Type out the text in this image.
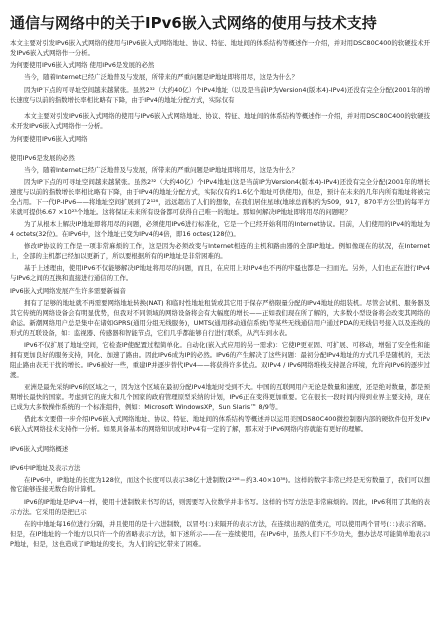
通信与网络中的关于IPv6嵌入式网络的使用与技术支持

本文主要对引发IPv6嵌入式网络的使用与IPv6嵌入式网络地址、协议、特征、地址间的体系结构等概述作一介绍，并对用DSC80C400的软硬技术开发IPv6嵌入式网络作一分析。

为何要使用IPv6嵌入式网络 使用IPv6是发展的必然

当今，随着Internet已经广泛地普及与发展，所带来的严重问题是IP地址即将用尽，这是为什么？

因为IP下点的可寻址空间越来越紧张。虽然2³²（大约40亿）个IPv4地址（以及是当前IP为Version4(版本4)-IPv4)还没有完全分配(2001年的增长速度与以前的指数增长率相比略有下降，由于IPv4的地址分配方式，实际仅有

本文主要对引发IPv6嵌入式网络的使用与IPv6嵌入式网络地址、协议、特征、地址间的体系结构等概述作一介绍，并对用DSC80C400的软硬技术开发IPv6嵌入式网络作一分析。

为何要使用IPv6嵌入式网络
使用IPv6是发展的必然

当今，随着Internet已经广泛地普及与发展，所带来的严重问题是IP地址即将用尽，这是为什么？

因为IP下点的可寻址空间越来越紧张。虽然2³²（大约40亿）个IPv4地址(这是当前IP为Version4(版本4)-IPv4)还没有完全分配(2001年的增长速度与以前的指数增长率相比略有下降，由于IPv4的地址分配方式，实际仅有约1.6亿个地址可供使用)，但是，预计在未来的几年内所有地址将被完全占用。下一代IP-IPv6——将地址空间扩展到了2¹²⁸，远远超出了人们的想象，在我们居住星球(地球总面积约为509，917，870平方公里)的每平方米就可提供6.67 ×10²³个地址。这将保证未来所有设备都可获得自己唯一的地址。那如何解决IP地址即将用尽的问题呢？

为了从根本上解决IP地址即将用尽的问题，必须使用IPv6进行标准化，它是一个已经开始利用的Internet协议。目前，人们使用的IPv4的地址为4 octets(32位)。在IPv6中，这个地址已变为IPv4的4倍，即16 octes(128位)。

修改IP协议的工作是一项非常麻烦的工作，这是因为必须改变与Internet相连的主机和路由器的全部IP地址。例如像现在的状况，在Internet上，全部的主机都已经加以更新了，所以要根据所有的IP地址是非常困难的。

基于上述理由，使用IPv6不仅能够解决IP地址将用尽的问题，而且，在应用上对IPv4也不再的牢骚也都是一扫而光。另外，人们也正在进行IPv4与IPv6之间的互换和直接进行通信的工作。

IPv6嵌入式网络发展产生许多需要新福音

拥有了足够的地址就不再需要网络地址转换(NAT) 和临时性地址租赁或其它用于保存严格限量分配的IPv4地址的组装机。尽管会试机、服务器及其它传统的网络设备会有明显优势，但我对不同领域的网络设备将会有大幅度的增长——正如我们现在所了解的，大多数小型设备将会改变其网络的命运。新潮网络用户总是集中在诸如GPRS(通用分组无线服务)，UMTS(通用移动通信系统)等某些无线通信用户通过PDA的无线信号接入以及连线的形式的互联设备，如：监视器、传感器和智能节点，它们几乎都能够自行进行联系，从汽车到水表。

IPv6不仅扩展了地址空间，它检查IP使配置过程简单化。自动化(嵌入式应用的另一需求)：它使IP更亚固、可扩展、可移动，增强了安全性和能拥有更加良好的服务支持，同化、加速了路由。因此IPv6成为IP的必然。IPv6的产生解决了这些问题：最初分配IPv4地址的方式几乎是随机的，无法阻止路由表无干扰的增长。IPv6被好一些，重建IP并逐步替代IPv4——将获得许多优点。双IPv4 / IPv6网络堆栈支持混合环境，允许向IPv6的逐步过渡。

亚洲是最先采纳IPv6的区域之一，因为这个区域在最初分配IPv4地址时受到不大。中国的互联网用户无论是数量和速度，还是绝对数量，都是预期增长最快的国家。考虑到它的庞大和几个国家的政府管理原型采纳的计划，IPv6正在变得更加重要。它在很长一段时间内得到业界主要支持，现在已成为大多数操作系统的一个标准组件，例如：Microsoft WindowsXP，Sun Slaris™ 8/9等。

借此本文要借一步介绍IPv6嵌入式网络地址、协议、特征、地址间的体系结构等概述并以运用美国DS80C400微控制器内部的硬软件包开发IPv6嵌入式网络技术支持作一分析。如果具备基本的网络知识或对IPv4有一定的了解，那末对于IPv6网络内容就能有更好的理解。

IPv6嵌入式网络概述
IPv6中IP地址及表示方法

在IPv6中，IP地址的长度为128位，而这个长度可以表示38亿十进制数(2¹²⁸＝约3.40×10³⁸)。这样的数字非常已经是无穷数量了，我们可以想像它能够连接无数台的计算机。

IPv6的IP地址是IPv4一样，使用十进制数来书写的话，则需要写入位数学并非书写。这样的书写方法是非常麻烦的。因此，IPv6利用了其他的表示方法。它采用的是把已示

在的中地址每16位进行分隔，并且使用的是十六进制数，以冒号(：)来隔开的表示方法，在连续出现的值类元，可以使用两个冒号(：：)表示省略。但是，在IP地址的一个地方以只许一个的省略表示方法，如下述所示——在一连续使用，在IPv6中，虽然人们下不少功夫，想办法尽可能简单地表示IP地址，但是，这也造成了IP地址的变长，为人们的记忆带来了困难。
